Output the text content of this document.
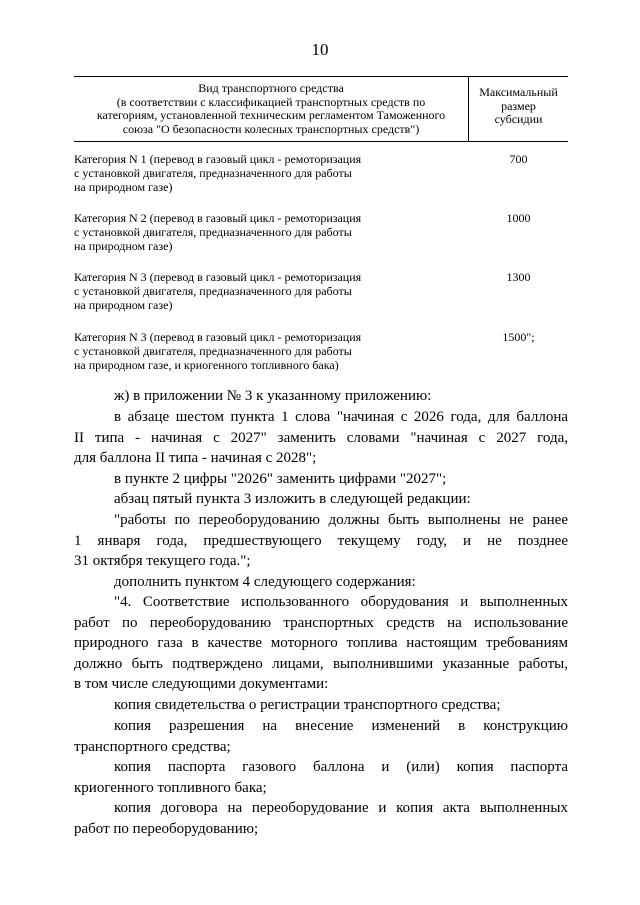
10
Вид транспортного средства
(в соответствии с классификацией транспортных средств по
категориям, установленной техническим регламентом Таможенного
союза "О безопасности колесных транспортных средств")
Максимальный
размер
субсидии
Категория N 1 (перевод в газовый цикл - ремоторизация
с установкой двигателя, предназначенного для работы
на природном газе)
700
Категория N 2 (перевод в газовый цикл - ремоторизация
с установкой двигателя, предназначенного для работы
на природном газе)
1000
Категория N 3 (перевод в газовый цикл - ремоторизация
с установкой двигателя, предназначенного для работы
на природном газе)
1300
Категория N 3 (перевод в газовый цикл - ремоторизация
с установкой двигателя, предназначенного для работы
на природном газе, и криогенного топливного бака)
1500";
ж) в приложении № 3 к указанному приложению:
в абзаце шестом пункта 1 слова "начиная с 2026 года, для баллона
II типа - начиная с 2027" заменить словами "начиная с 2027 года,
для баллона II типа - начиная с 2028";
в пункте 2 цифры "2026" заменить цифрами "2027";
абзац пятый пункта 3 изложить в следующей редакции:
"работы по переоборудованию должны быть выполнены не ранее
1 января года, предшествующего текущему году, и не позднее
31 октября текущего года.";
дополнить пунктом 4 следующего содержания:
"4. Соответствие использованного оборудования и выполненных
работ по переоборудованию транспортных средств на использование
природного газа в качестве моторного топлива настоящим требованиям
должно быть подтверждено лицами, выполнившими указанные работы,
в том числе следующими документами:
копия свидетельства о регистрации транспортного средства;
копия разрешения на внесение изменений в конструкцию
транспортного средства;
копия паспорта газового баллона и (или) копия паспорта
криогенного топливного бака;
копия договора на переоборудование и копия акта выполненных
работ по переоборудованию;
